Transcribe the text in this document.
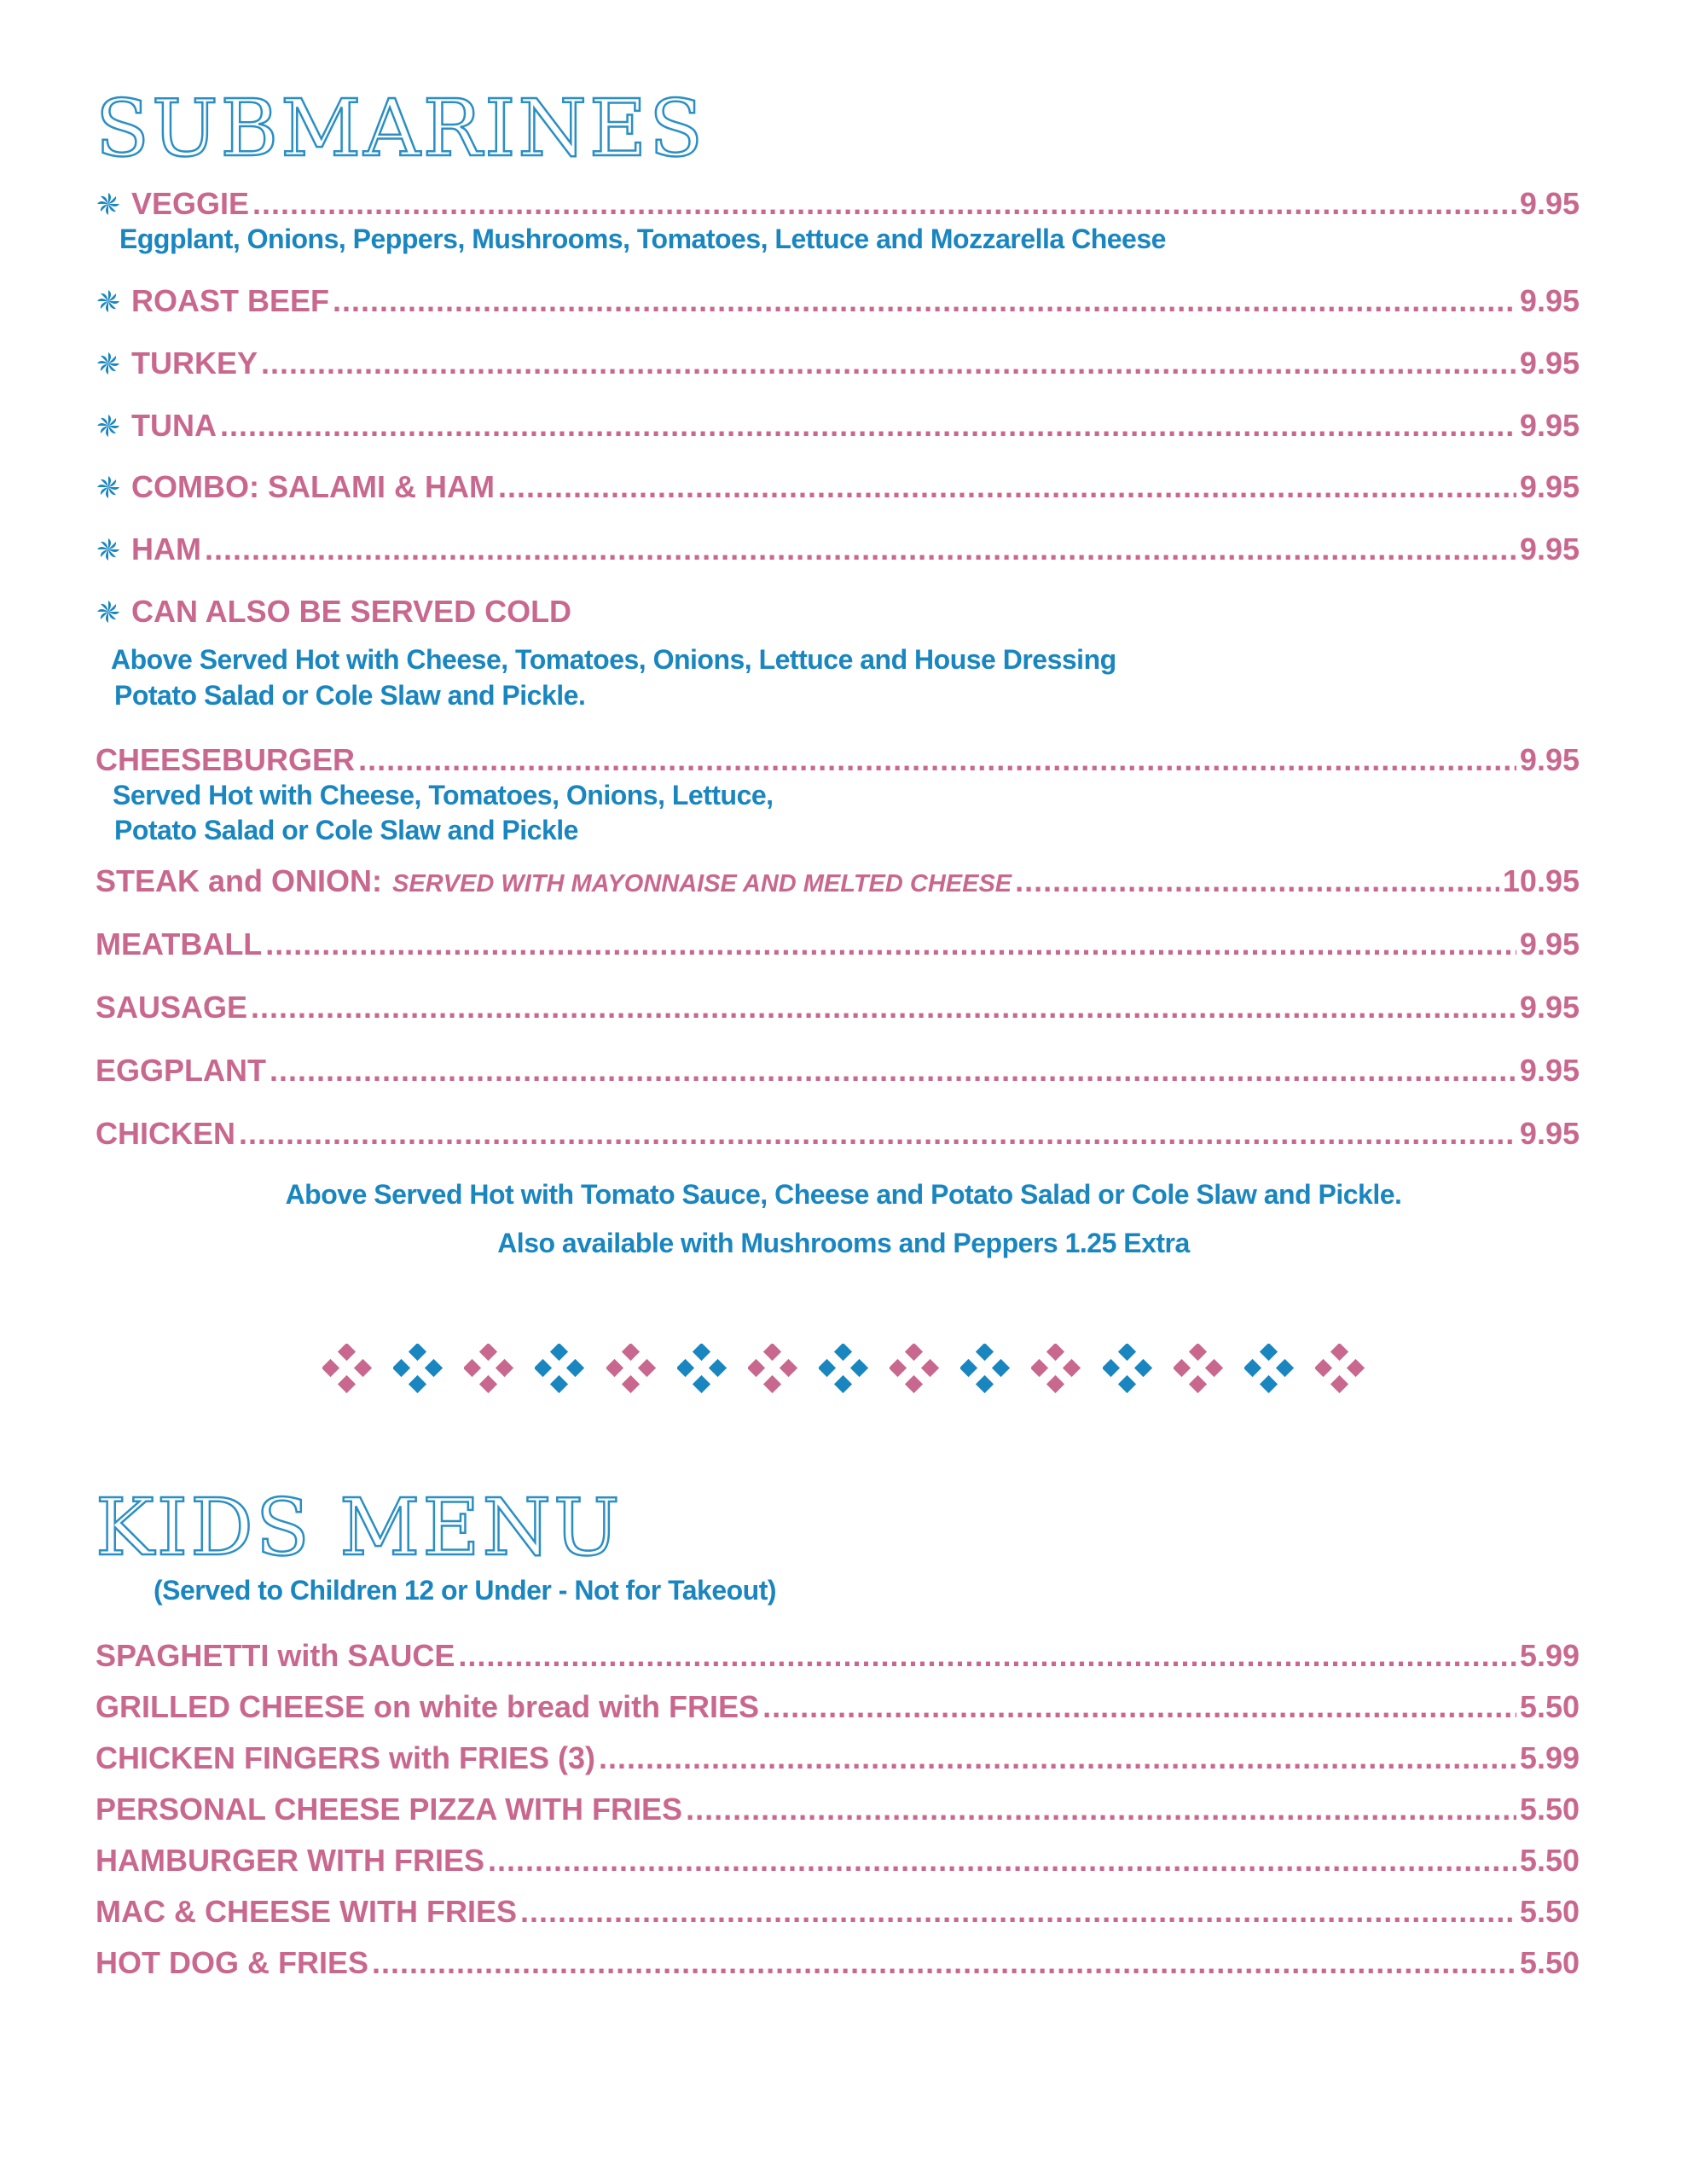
SUBMARINES
VEGGIE .....	9.95

Eggplant, Onions, Peppers, Mushrooms, Tomatoes, Lettuce and Mozzarella Cheese

ROAST BEEF .....	9.95
TURKEY .....	9.95
TUNA .....	9.95
COMBO: SALAMI & HAM .....	9.95
HAM .....	9.95
CAN ALSO BE SERVED COLD

Above Served Hot with Cheese, Tomatoes, Onions, Lettuce and House Dressing

Potato Salad or Cole Slaw and Pickle.

CHEESEBURGER .....	9.95

Served Hot with Cheese, Tomatoes, Onions, Lettuce,

Potato Salad or Cole Slaw and Pickle

STEAK and ONION: SERVED WITH MAYONNAISE AND MELTED CHEESE .....	10.95
MEATBALL .....	9.95
SAUSAGE .....	9.95
EGGPLANT .....	9.95
CHICKEN .....	9.95

Above Served Hot with Tomato Sauce, Cheese and Potato Salad or Cole Slaw and Pickle.

Also available with Mushrooms and Peppers 1.25 Extra

KIDS MENU

(Served to Children 12 or Under - Not for Takeout)

SPAGHETTI with SAUCE .....	5.99
GRILLED CHEESE on white bread with FRIES .....	5.50
CHICKEN FINGERS with FRIES (3) .....	5.99
PERSONAL CHEESE PIZZA WITH FRIES .....	5.50
HAMBURGER WITH FRIES .....	5.50
MAC & CHEESE WITH FRIES .....	5.50
HOT DOG & FRIES .....	5.50
